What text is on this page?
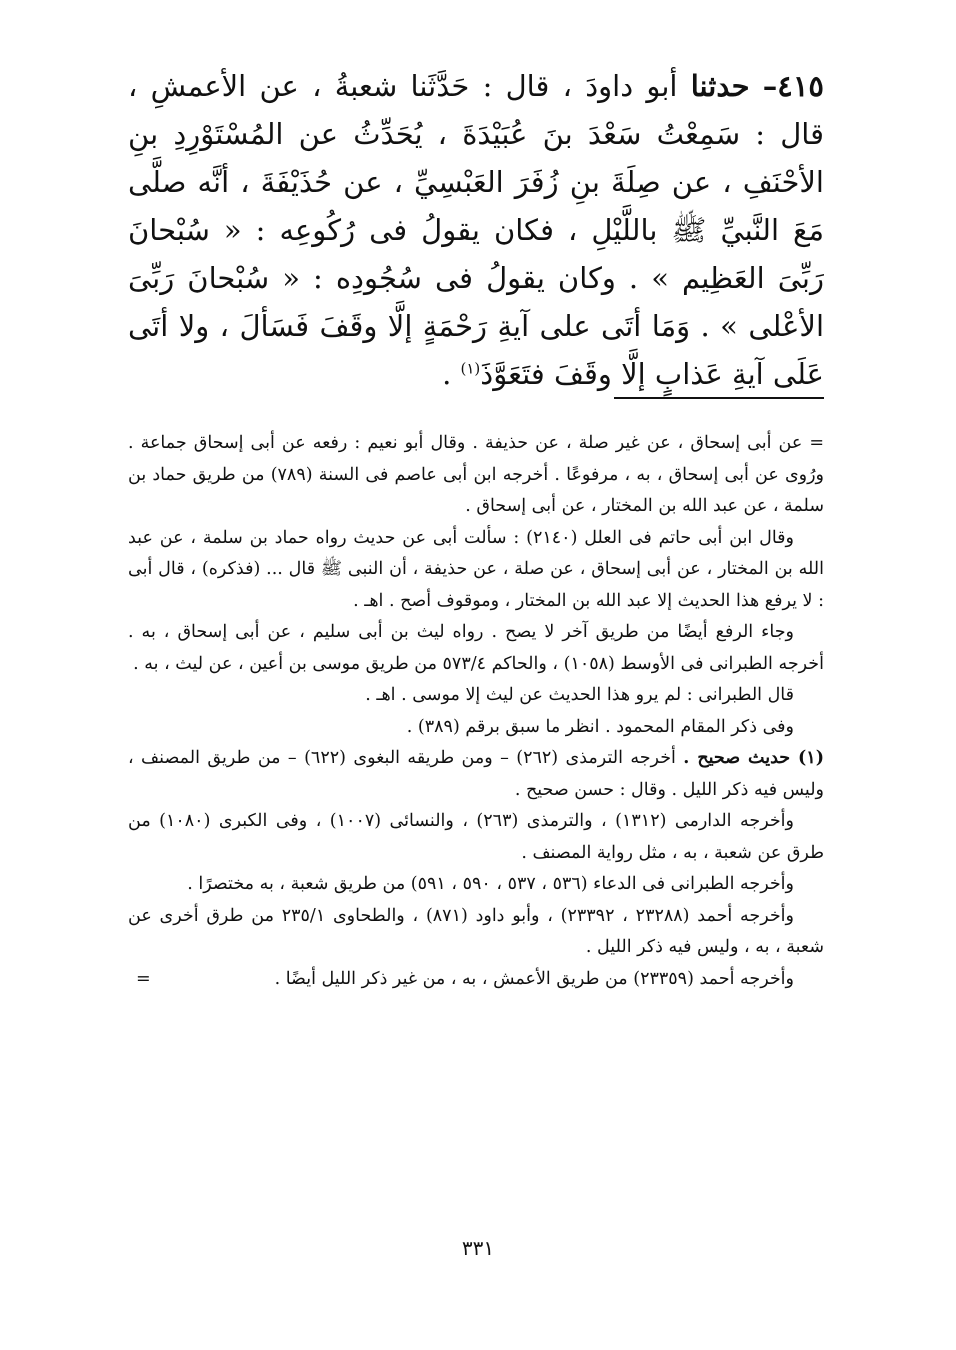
٤١٥– حدثنا أبو داودَ ، قال : حَدَّثَنا شعبةُ ، عن الأعمشِ ، قال : سَمِعْتُ سَعْدَ بنَ عُبَيْدَةَ ، يُحَدِّثُ عن المُسْتَوْرِدِ بنِ الأحْنَفِ ، عن صِلَةَ بنِ زُفَرَ العَبْسِيِّ ، عن حُذَيْفَةَ ، أنَّه صلَّى مَعَ النَّبيِّ ﷺ باللَّيْلِ ، فكان يقولُ فى رُكُوعِه : « سُبْحانَ رَبِّىَ العَظِيم » . وكان يقولُ فى سُجُودِه : « سُبْحانَ رَبِّىَ الأعْلى » . وَمَا أتَى على آيةِ رَحْمَةٍ إلَّا وقَفَ فَسَألَ ، ولا أتَى عَلَى آيةِ عَذابٍ إلَّا وقَفَ فتَعَوَّذَ$^{(١)}$ .

= عن أبى إسحاق ، عن غير صلة ، عن حذيفة . وقال أبو نعيم : رفعه عن أبى إسحاق جماعة . ورُوى عن أبى إسحاق ، به ، مرفوعًا . أخرجه ابن أبى عاصم فى السنة (٧٨٩) من طريق حماد بن سلمة ، عن عبد الله بن المختار ، عن أبى إسحاق .

وقال ابن أبى حاتم فى العلل (٢١٤٠) : سألت أبى عن حديث رواه حماد بن سلمة ، عن عبد الله بن المختار ، عن أبى إسحاق ، عن صلة ، عن حذيفة ، أن النبى ﷺ قال ... (فذكره) ، قال أبى : لا يرفع هذا الحديث إلا عبد الله بن المختار ، وموقوف أصح . اهـ .

وجاء الرفع أيضًا من طريق آخر لا يصح . رواه ليث بن أبى سليم ، عن أبى إسحاق ، به . أخرجه الطبرانى فى الأوسط (١٠٥٨) ، والحاكم ٥٧٣/٤ من طريق موسى بن أعين ، عن ليث ، به .

قال الطبرانى : لم يرو هذا الحديث عن ليث إلا موسى . اهـ .

وفى ذكر المقام المحمود . انظر ما سبق برقم (٣٨٩) .

(١) حديث صحيح . أخرجه الترمذى (٢٦٢) – ومن طريقه البغوى (٦٢٢) – من طريق المصنف ، وليس فيه ذكر الليل . وقال : حسن صحيح .

وأخرجه الدارمى (١٣١٢) ، والترمذى (٢٦٣) ، والنسائى (١٠٠٧) ، وفى الكبرى (١٠٨٠) من طرق عن شعبة ، به ، مثل رواية المصنف .

وأخرجه الطبرانى فى الدعاء (٥٣٦ ، ٥٣٧ ، ٥٩٠ ، ٥٩١) من طريق شعبة ، به مختصرًا .

وأخرجه أحمد (٢٣٢٨٨ ، ٢٣٣٩٢) ، وأبو داود (٨٧١) ، والطحاوى ٢٣٥/١ من طرق أخرى عن شعبة ، به ، وليس فيه ذكر الليل .

وأخرجه أحمد (٢٣٣٥٩) من طريق الأعمش ، به ، من غير ذكر الليل أيضًا .
=

٣٣١
